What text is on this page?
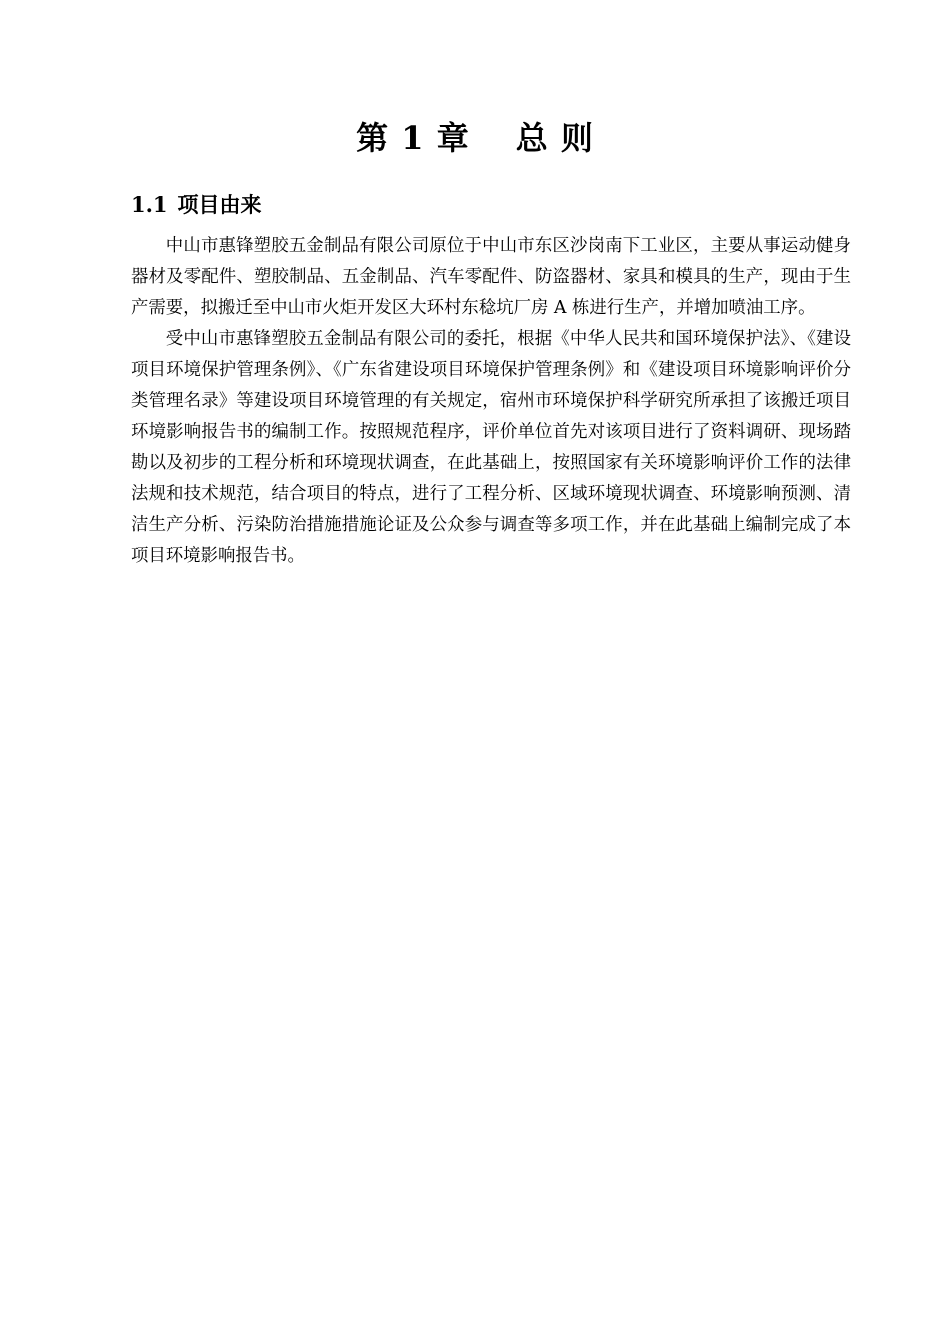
第 1 章 总 则
1.1 项目由来

中山市惠锋塑胶五金制品有限公司原位于中山市东区沙岗南下工业区，主要从事运动健身器材及零配件、塑胶制品、五金制品、汽车零配件、防盗器材、家具和模具的生产，现由于生产需要，拟搬迁至中山市火炬开发区大环村东稔坑厂房 A 栋进行生产，并增加喷油工序。

受中山市惠锋塑胶五金制品有限公司的委托，根据《中华人民共和国环境保护法》、《建设项目环境保护管理条例》、《广东省建设项目环境保护管理条例》和《建设项目环境影响评价分类管理名录》等建设项目环境管理的有关规定，宿州市环境保护科学研究所承担了该搬迁项目环境影响报告书的编制工作。按照规范程序，评价单位首先对该项目进行了资料调研、现场踏勘以及初步的工程分析和环境现状调查，在此基础上，按照国家有关环境影响评价工作的法律法规和技术规范，结合项目的特点，进行了工程分析、区域环境现状调查、环境影响预测、清洁生产分析、污染防治措施措施论证及公众参与调查等多项工作，并在此基础上编制完成了本项目环境影响报告书。
